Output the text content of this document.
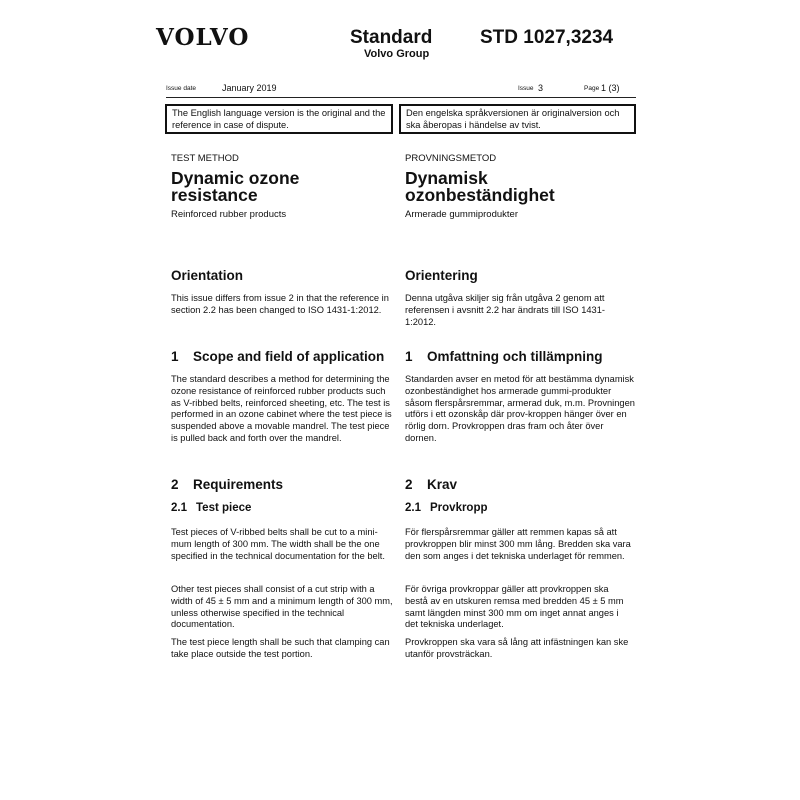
VOLVO	Standard
Volvo Group
STD 1027,3234
Issue date	January 2019	Issue 3	Page 1 (3)
The English language version is the original and the reference in case of dispute.
Den engelska språkversionen är originalversion och ska åberopas i händelse av tvist.
TEST METHOD
Dynamic ozone
resistance
Reinforced rubber products
Orientation
This issue differs from issue 2 in that the reference in section 2.2 has been changed to ISO 1431-1:2012.
1 Scope and field of application
The standard describes a method for determining the ozone resistance of reinforced rubber products such as V-ribbed belts, reinforced sheeting, etc. The test is performed in an ozone cabinet where the test piece is suspended above a movable mandrel. The test piece is pulled back and forth over the mandrel.
2 Requirements
2.1 Test piece
Test pieces of V-ribbed belts shall be cut to a mini-mum length of 300 mm. The width shall be the one specified in the technical documentation for the belt.
Other test pieces shall consist of a cut strip with a width of 45 ± 5 mm and a minimum length of 300 mm, unless otherwise specified in the technical documentation.
The test piece length shall be such that clamping can take place outside the test portion.
PROVNINGSMETOD
Dynamisk
ozonbeständighet
Armerade gummiprodukter
Orientering
Denna utgåva skiljer sig från utgåva 2 genom att referensen i avsnitt 2.2 har ändrats till ISO 1431-1:2012.
1 Omfattning och tillämpning
Standarden avser en metod för att bestämma dynamisk ozonbeständighet hos armerade gummi-produkter såsom flerspårsremmar, armerad duk, m.m. Provningen utförs i ett ozonskåp där prov-kroppen hänger över en rörlig dorn. Provkroppen dras fram och åter över dornen.
2 Krav
2.1 Provkropp
För flerspårsremmar gäller att remmen kapas så att provkroppen blir minst 300 mm lång. Bredden ska vara den som anges i det tekniska underlaget för remmen.
För övriga provkroppar gäller att provkroppen ska bestå av en utskuren remsa med bredden 45 ± 5 mm samt längden minst 300 mm om inget annat anges i det tekniska underlaget.
Provkroppen ska vara så lång att infästningen kan ske utanför provsträckan.
